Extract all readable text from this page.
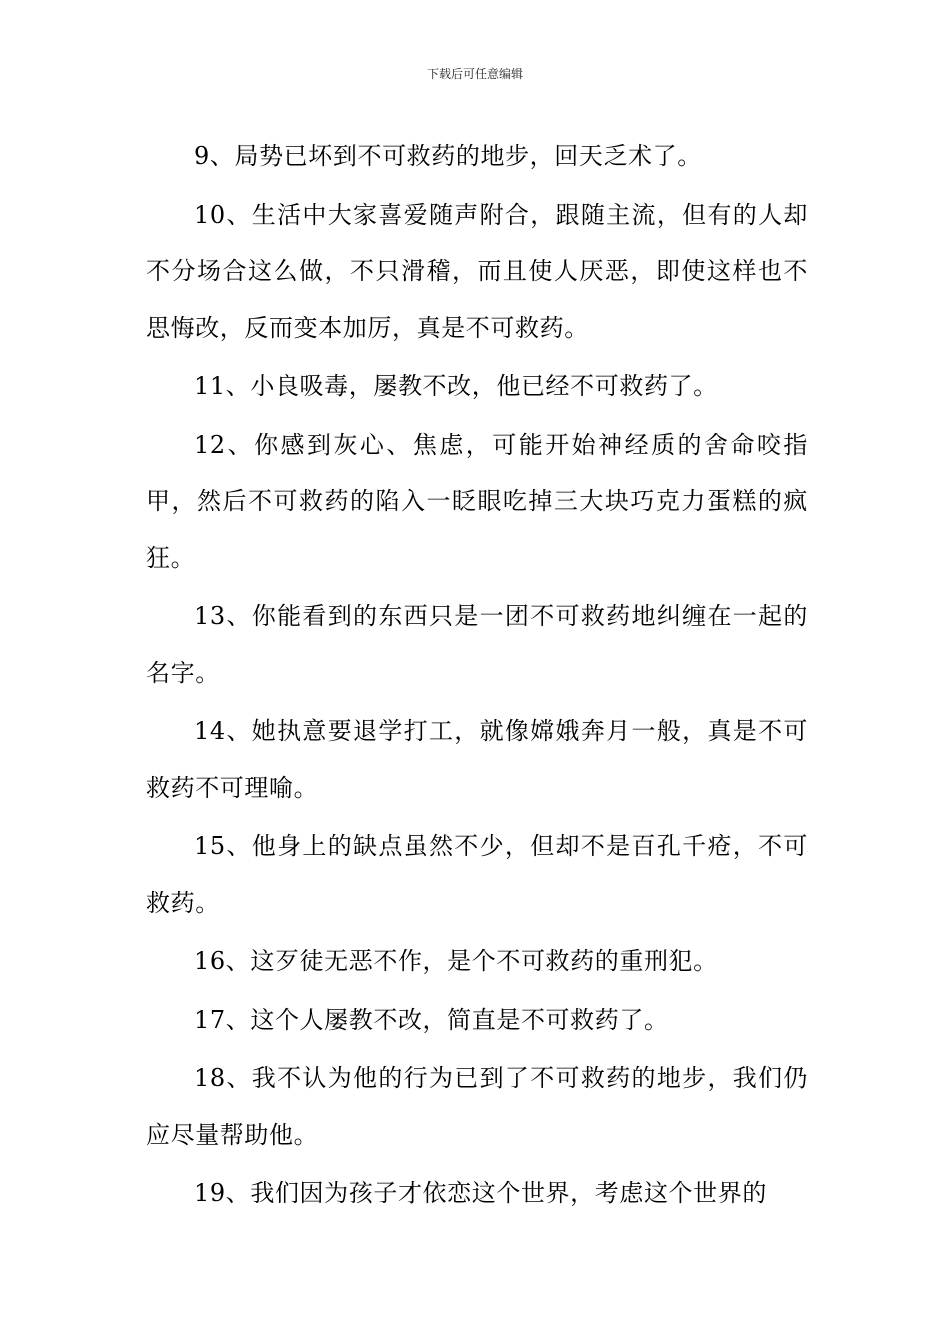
下载后可任意编辑

9、局势已坏到不可救药的地步，回天乏术了。

10、生活中大家喜爱随声附合，跟随主流，但有的人却不分场合这么做，不只滑稽，而且使人厌恶，即使这样也不思悔改，反而变本加厉，真是不可救药。

11、小良吸毒，屡教不改，他已经不可救药了。

12、你感到灰心、焦虑，可能开始神经质的舍命咬指甲，然后不可救药的陷入一眨眼吃掉三大块巧克力蛋糕的疯狂。

13、你能看到的东西只是一团不可救药地纠缠在一起的名字。

14、她执意要退学打工，就像嫦娥奔月一般，真是不可救药不可理喻。

15、他身上的缺点虽然不少，但却不是百孔千疮，不可救药。

16、这歹徒无恶不作，是个不可救药的重刑犯。

17、这个人屡教不改，简直是不可救药了。

18、我不认为他的行为已到了不可救药的地步，我们仍应尽量帮助他。

19、我们因为孩子才依恋这个世界，考虑这个世界的
